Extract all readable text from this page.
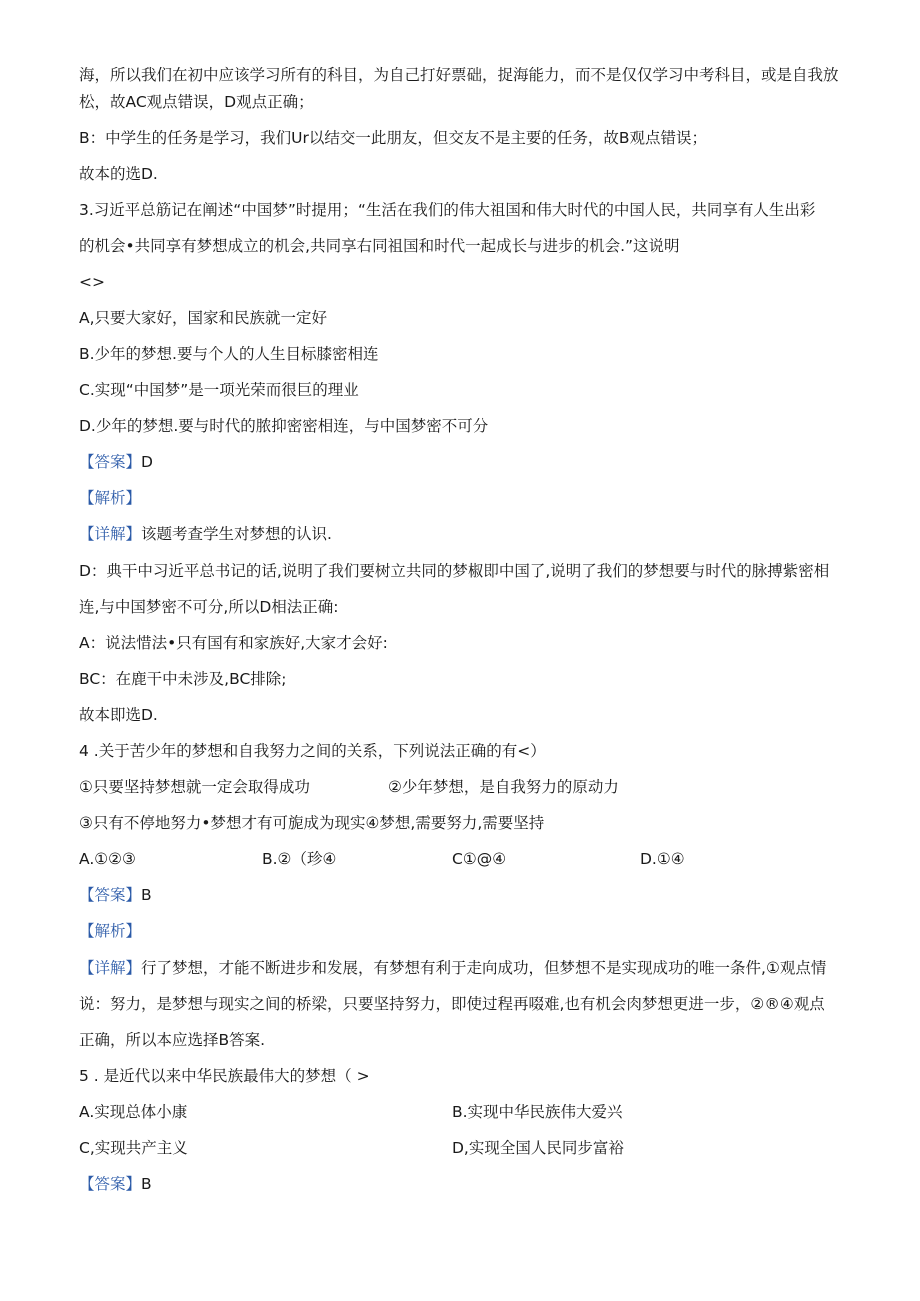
海，所以我们在初中应该学习所有的科目，为自己打好票础，捉海能力，而不是仅仅学习中考科目，或是自我放
松，故AC观点错误，D观点正确；
B：中学生的任务是学习，我们Ur以结交一此朋友，但交友不是主要的任务，故B观点错误；
故本的选D.
3.习近平总筋记在阐述“中国梦”时提用；“生活在我们的伟大祖国和伟大时代的中国人民，共同享有人生出彩
的机会•共同享有梦想成立的机会,共同享右同祖国和时代一起成长与进步的机会.”这说明
<>
A,只要大家好，国家和民族就一定好
B.少年的梦想.要与个人的人生目标膝密相连
C.实现“中国梦”是一项光荣而很巨的理业
D.少年的梦想.要与时代的脓抑密密相连，与中国梦密不可分
【答案】D
【解析】
【详解】该题考查学生对梦想的认识.
D：典干中习近平总书记的话,说明了我们要树立共同的梦椒即中国了,说明了我们的梦想要与时代的脉搏紫密相
连,与中国梦密不可分,所以D相法正确:
A：说法惜法•只有国有和家族好,大家才会好:
BC：在鹿干中未涉及,BC排除;
故本即选D.
4 .关于苦少年的梦想和自我努力之间的关系，下列说法正确的有<）
①只要坚持梦想就一定会取得成功	②少年梦想，是自我努力的原动力
③只有不停地努力•梦想才有可旎成为现实④梦想,需要努力,需要坚持
A.①②③	B.②（珍④	C①@④	D.①④
【答案】B
【解析】
【详解】行了梦想，才能不断进步和发展，有梦想有利于走向成功，但梦想不是实现成功的唯一条件,①观点情
说：努力，是梦想与现实之间的桥梁，只要坚持努力，即使过程再啜难,也有机会肉梦想更进一步，②®④观点
正确，所以本应选择B答案.
5 . 是近代以来中华民族最伟大的梦想（ >
A.实现总体小康	B.实现中华民族伟大爱兴
C,实现共产主义	D,实现全国人民同步富裕
【答案】B
